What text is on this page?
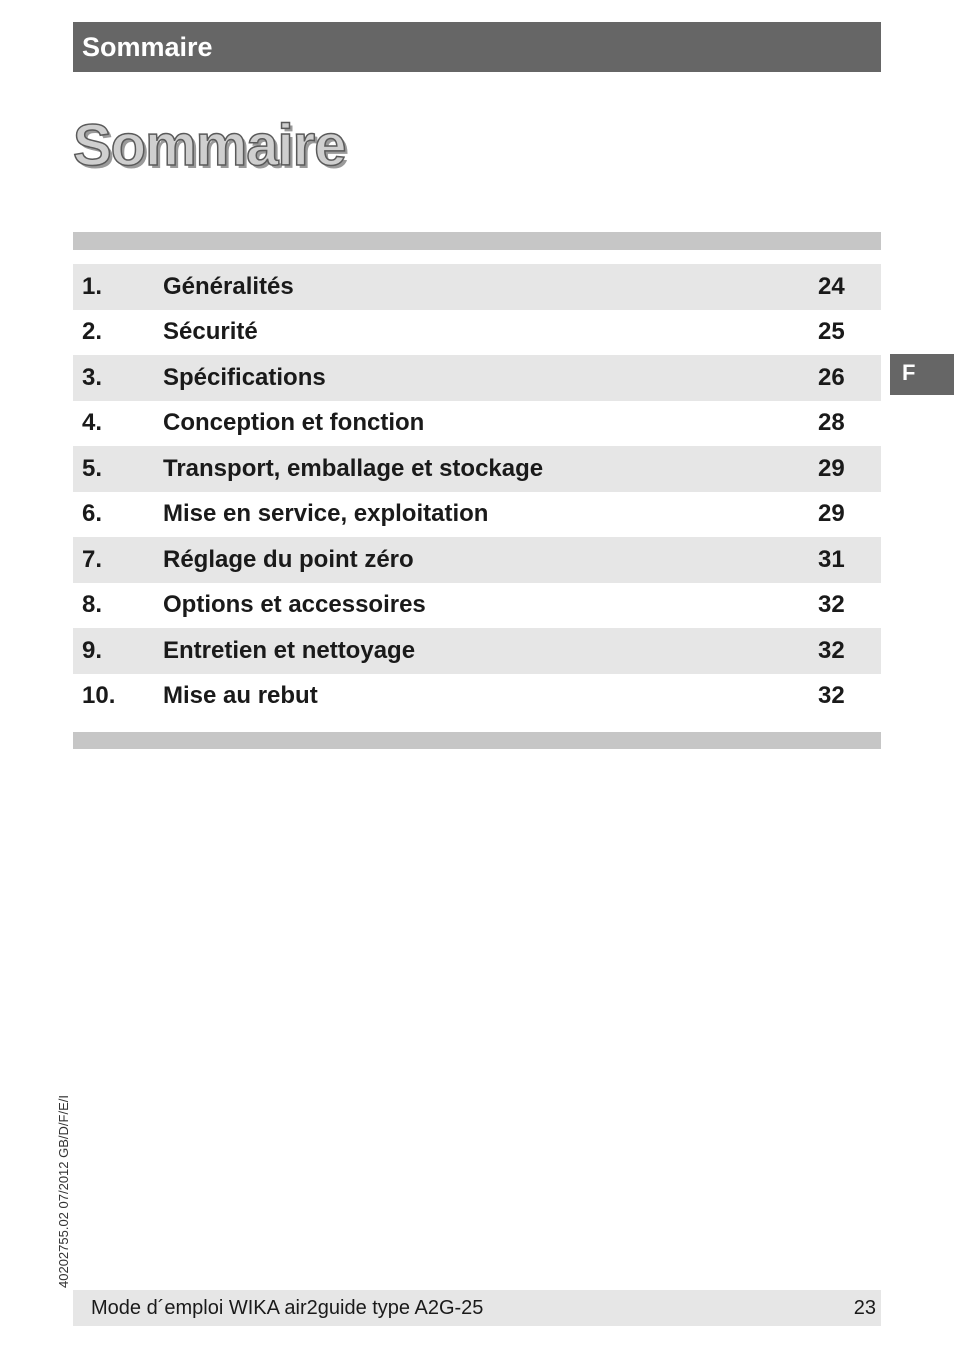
Sommaire
Sommaire
1.	Généralités	24
2.	Sécurité	25
3.	Spécifications	26
4.	Conception et fonction	28
5.	Transport, emballage et stockage	29
6.	Mise en service, exploitation	29
7.	Réglage du point zéro	31
8.	Options et accessoires	32
9.	Entretien et nettoyage	32
10.	Mise au rebut	32
F
40202755.02 07/2012 GB/D/F/E/I
Mode d´emploi WIKA air2guide type A2G-25	23
